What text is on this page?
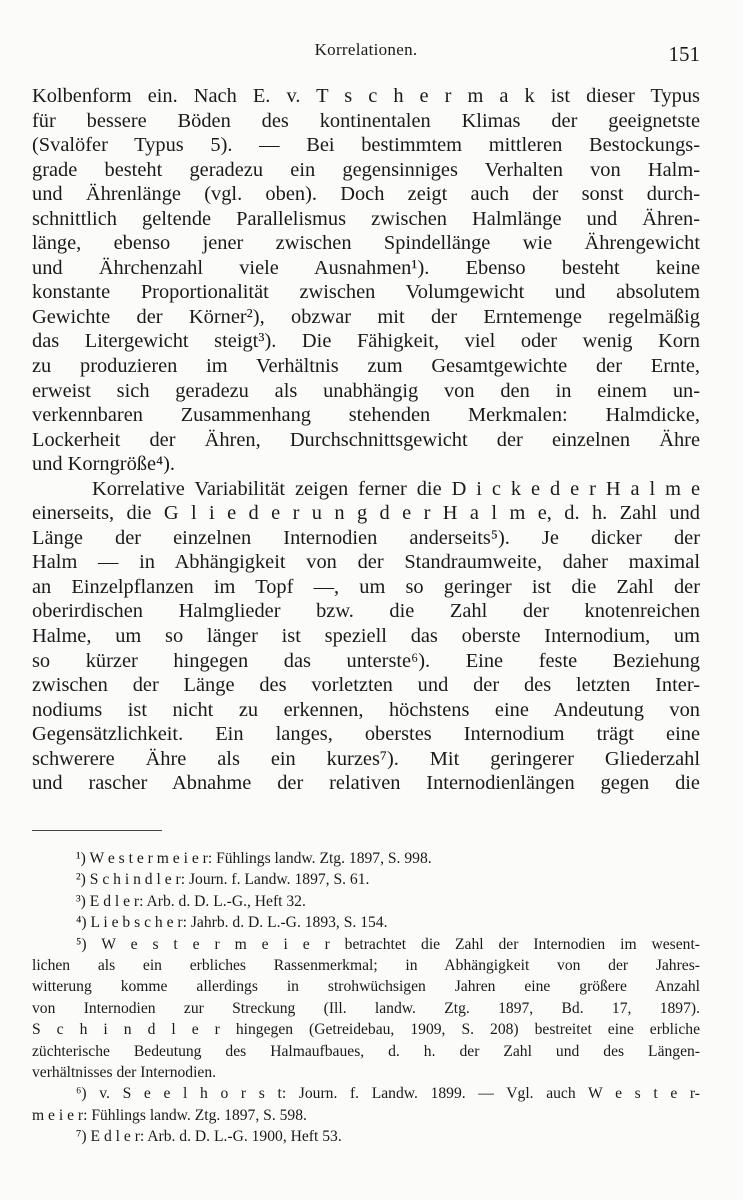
Korrelationen.	151
Kolbenform ein. Nach E. v. T s c h e r m a k ist dieser Typus
für bessere Böden des kontinentalen Klimas der geeignetste
(Svalöfer Typus 5). — Bei bestimmtem mittleren Bestockungs-
grade besteht geradezu ein gegensinniges Verhalten von Halm-
und Ährenlänge (vgl. oben). Doch zeigt auch der sonst durch-
schnittlich geltende Parallelismus zwischen Halmlänge und Ähren-
länge, ebenso jener zwischen Spindellänge wie Ährengewicht
und Ährchenzahl viele Ausnahmen¹). Ebenso besteht keine
konstante Proportionalität zwischen Volumgewicht und absolutem
Gewichte der Körner²), obzwar mit der Erntemenge regelmäßig
das Litergewicht steigt³). Die Fähigkeit, viel oder wenig Korn
zu produzieren im Verhältnis zum Gesamtgewichte der Ernte,
erweist sich geradezu als unabhängig von den in einem un-
verkennbaren Zusammenhang stehenden Merkmalen: Halmdicke,
Lockerheit der Ähren, Durchschnittsgewicht der einzelnen Ähre
und Korngröße⁴).
Korrelative Variabilität zeigen ferner die D i c k e d e r H a l m e
einerseits, die G l i e d e r u n g d e r H a l m e, d. h. Zahl und
Länge der einzelnen Internodien anderseits⁵). Je dicker der
Halm — in Abhängigkeit von der Standraumweite, daher maximal
an Einzelpflanzen im Topf —, um so geringer ist die Zahl der
oberirdischen Halmglieder bzw. die Zahl der knotenreichen
Halme, um so länger ist speziell das oberste Internodium, um
so kürzer hingegen das unterste⁶). Eine feste Beziehung
zwischen der Länge des vorletzten und der des letzten Inter-
nodiums ist nicht zu erkennen, höchstens eine Andeutung von
Gegensätzlichkeit. Ein langes, oberstes Internodium trägt eine
schwerere Ähre als ein kurzes⁷). Mit geringerer Gliederzahl
und rascher Abnahme der relativen Internodienlängen gegen die
¹) W e s t e r m e i e r: Fühlings landw. Ztg. 1897, S. 998.
²) S c h i n d l e r: Journ. f. Landw. 1897, S. 61.
³) E d l e r: Arb. d. D. L.-G., Heft 32.
⁴) L i e b s c h e r: Jahrb. d. D. L.-G. 1893, S. 154.
⁵) W e s t e r m e i e r betrachtet die Zahl der Internodien im wesent-
lichen als ein erbliches Rassenmerkmal; in Abhängigkeit von der Jahres-
witterung komme allerdings in strohwüchsigen Jahren eine größere Anzahl
von Internodien zur Streckung (Ill. landw. Ztg. 1897, Bd. 17, 1897).
S c h i n d l e r hingegen (Getreidebau, 1909, S. 208) bestreitet eine erbliche
züchterische Bedeutung des Halmaufbaues, d. h. der Zahl und des Längen-
verhältnisses der Internodien.
⁶) v. S e e l h o r s t: Journ. f. Landw. 1899. — Vgl. auch W e s t e r-
m e i e r: Fühlings landw. Ztg. 1897, S. 598.
⁷) E d l e r: Arb. d. D. L.-G. 1900, Heft 53.
